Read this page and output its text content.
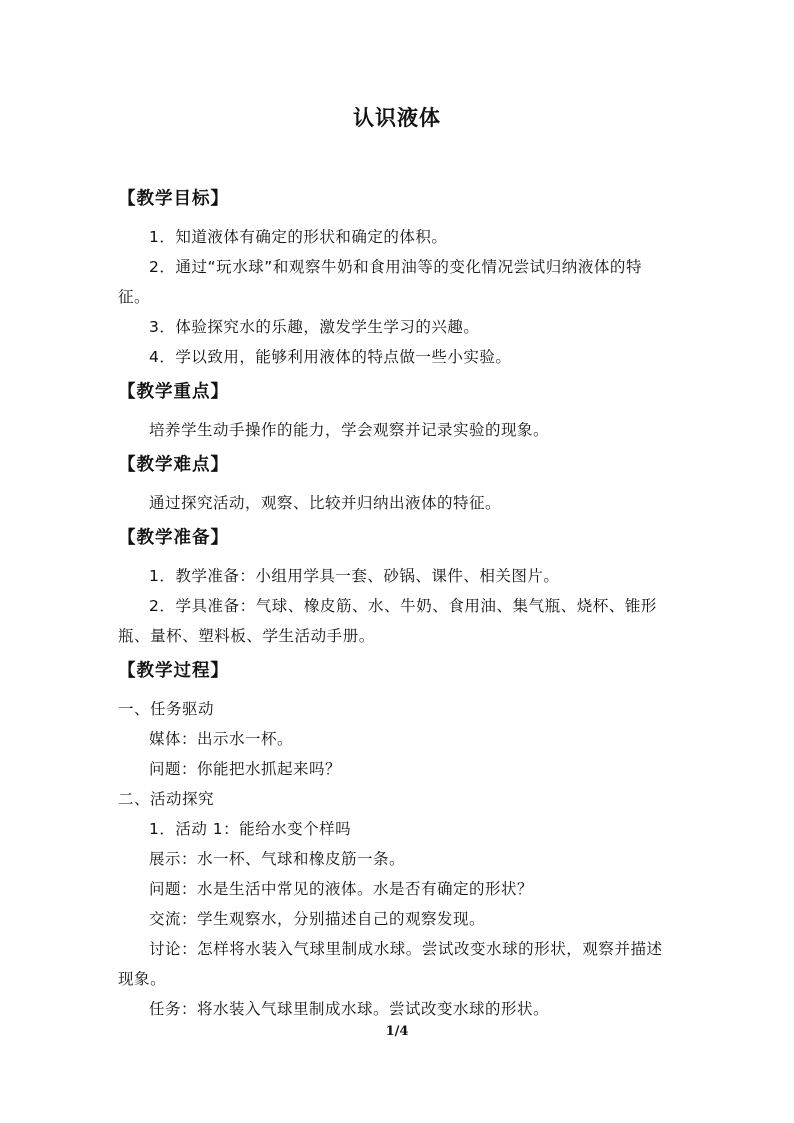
认识液体
【教学目标】
1．知道液体有确定的形状和确定的体积。
2．通过“玩水球”和观察牛奶和食用油等的变化情况尝试归纳液体的特征。
3．体验探究水的乐趣，激发学生学习的兴趣。
4．学以致用，能够利用液体的特点做一些小实验。
【教学重点】
培养学生动手操作的能力，学会观察并记录实验的现象。
【教学难点】
通过探究活动，观察、比较并归纳出液体的特征。
【教学准备】
1．教学准备：小组用学具一套、砂锅、课件、相关图片。
2．学具准备：气球、橡皮筋、水、牛奶、食用油、集气瓶、烧杯、锥形瓶、量杯、塑料板、学生活动手册。
【教学过程】
一、任务驱动
媒体：出示水一杯。
问题：你能把水抓起来吗？
二、活动探究
1．活动 1：能给水变个样吗
展示：水一杯、气球和橡皮筋一条。
问题：水是生活中常见的液体。水是否有确定的形状？
交流：学生观察水，分别描述自己的观察发现。
讨论：怎样将水装入气球里制成水球。尝试改变水球的形状，观察并描述现象。
任务：将水装入气球里制成水球。尝试改变水球的形状。
1/4
